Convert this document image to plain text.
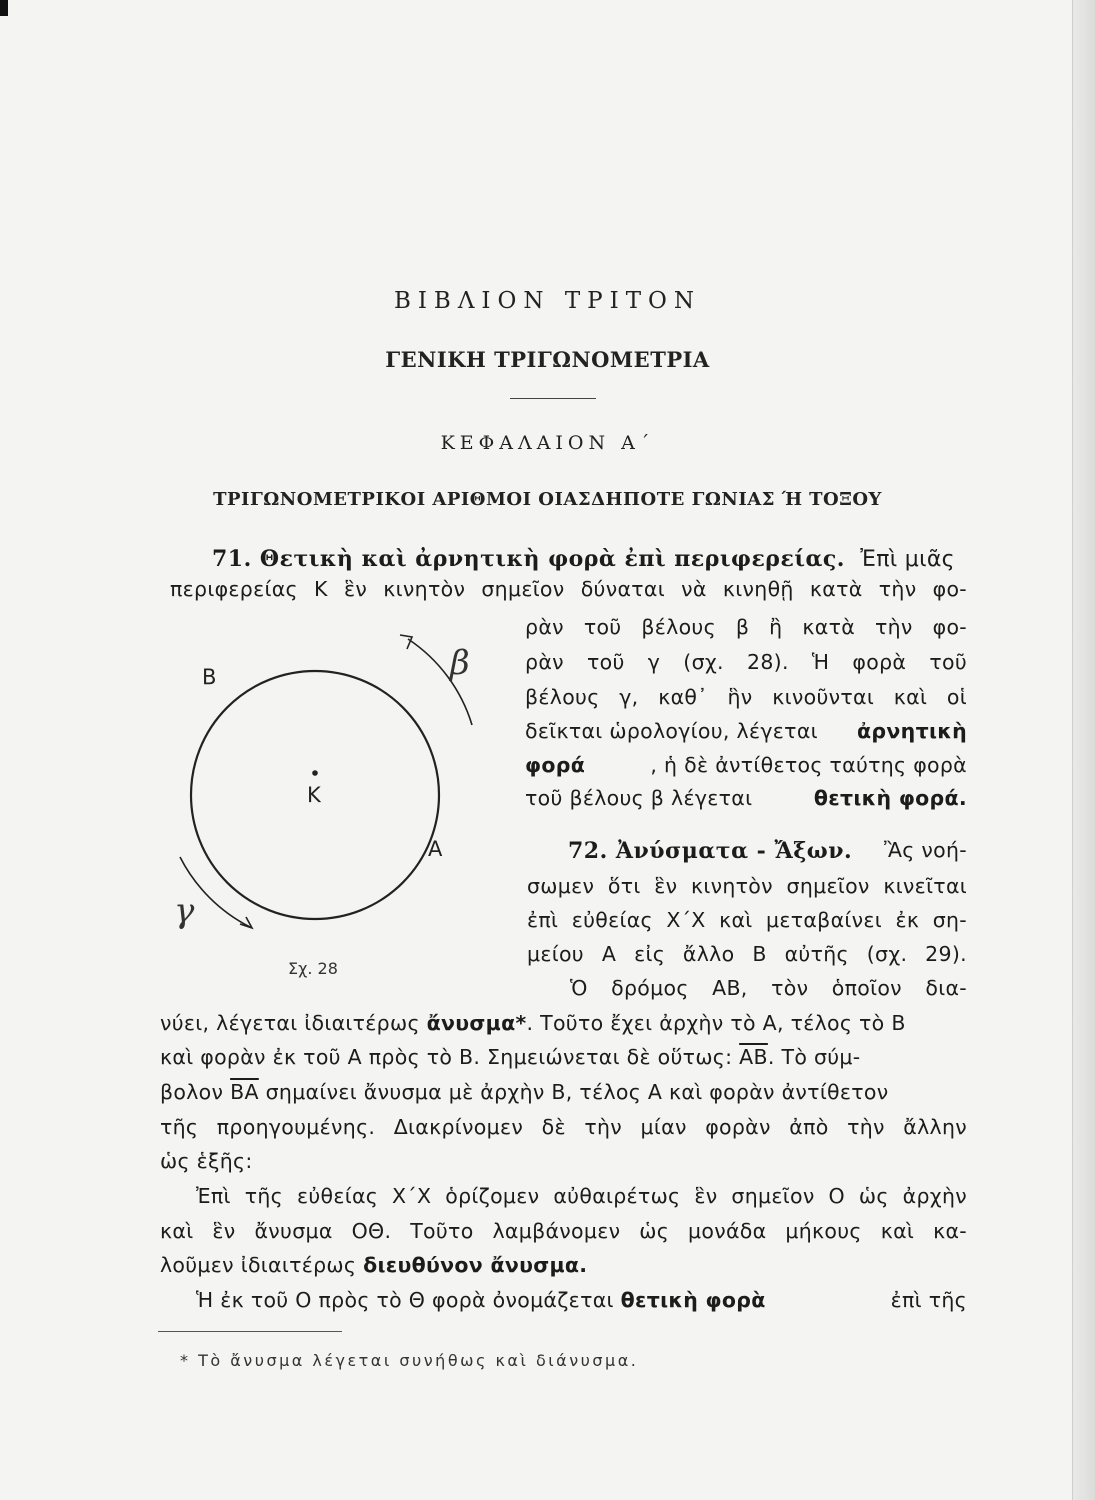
ΒΙΒΛΙΟΝ ΤΡΙΤΟΝ
ΓΕΝΙΚΗ ΤΡΙΓΩΝΟΜΕΤΡΙΑ
ΚΕΦΑΛΑΙΟΝ Α΄
ΤΡΙΓΩΝΟΜΕΤΡΙΚΟΙ ΑΡΙΘΜΟΙ ΟΙΑΣΔΗΠΟΤΕ ΓΩΝΙΑΣ Ή ΤΟΞΟΥ
71. Θετικὴ καὶ ἀρνητικὴ φορὰ ἐπὶ περιφερείας. Ἐπὶ μιᾶς
περιφερείας Κ ἓν κινητὸν σημεῖον δύναται νὰ κινηθῇ κατὰ τὴν φο-
ρὰν τοῦ βέλους β ἢ κατὰ τὴν φο-
ρὰν τοῦ γ (σχ. 28). Ἡ φορὰ τοῦ
βέλους γ, καθ᾽ ἣν κινοῦνται καὶ οἱ
δεῖκται ὡρολογίου, λέγεται ἀρνητικὴ
φορά	, ἡ δὲ ἀντίθετος ταύτης φορὰ
τοῦ βέλους β λέγεται	θετικὴ φορά.
Β
Κ
Α
β
γ
Σχ. 28
72. Ἀνύσματα - Ἄξων. Ἂς νοή-
σωμεν ὅτι ἓν κινητὸν σημεῖον κινεῖται
ἐπὶ εὐθείας Χ΄Χ καὶ μεταβαίνει ἐκ ση-
μείου Α εἰς ἄλλο Β αὐτῆς (σχ. 29).
Ὁ δρόμος ΑΒ, τὸν ὁποῖον δια-
νύει, λέγεται ἰδιαιτέρως ἄνυσμα*. Τοῦτο ἔχει ἀρχὴν τὸ Α, τέλος τὸ Β
καὶ φορὰν ἐκ τοῦ Α πρὸς τὸ Β. Σημειώνεται δὲ οὕτως: $\overline{AB}$. Τὸ σύμ-
βολον $\overline{BA}$ σημαίνει ἄνυσμα μὲ ἀρχὴν Β, τέλος Α καὶ φορὰν ἀντίθετον
τῆς προηγουμένης. Διακρίνομεν δὲ τὴν μίαν φορὰν ἀπὸ τὴν ἄλλην
ὡς ἑξῆς:
Ἐπὶ τῆς εὐθείας Χ΄Χ ὁρίζομεν αὐθαιρέτως ἓν σημεῖον Ο ὡς ἀρχὴν
καὶ ἓν ἄνυσμα ΟΘ. Τοῦτο λαμβάνομεν ὡς μονάδα μήκους καὶ κα-
λοῦμεν ἰδιαιτέρως διευθύνον ἄνυσμα.
Ἡ ἐκ τοῦ Ο πρὸς τὸ Θ φορὰ ὀνομάζεται θετικὴ φορὰ	ἐπὶ τῆς
* Τὸ ἄνυσμα λέγεται συνήθως καὶ διάνυσμα.
